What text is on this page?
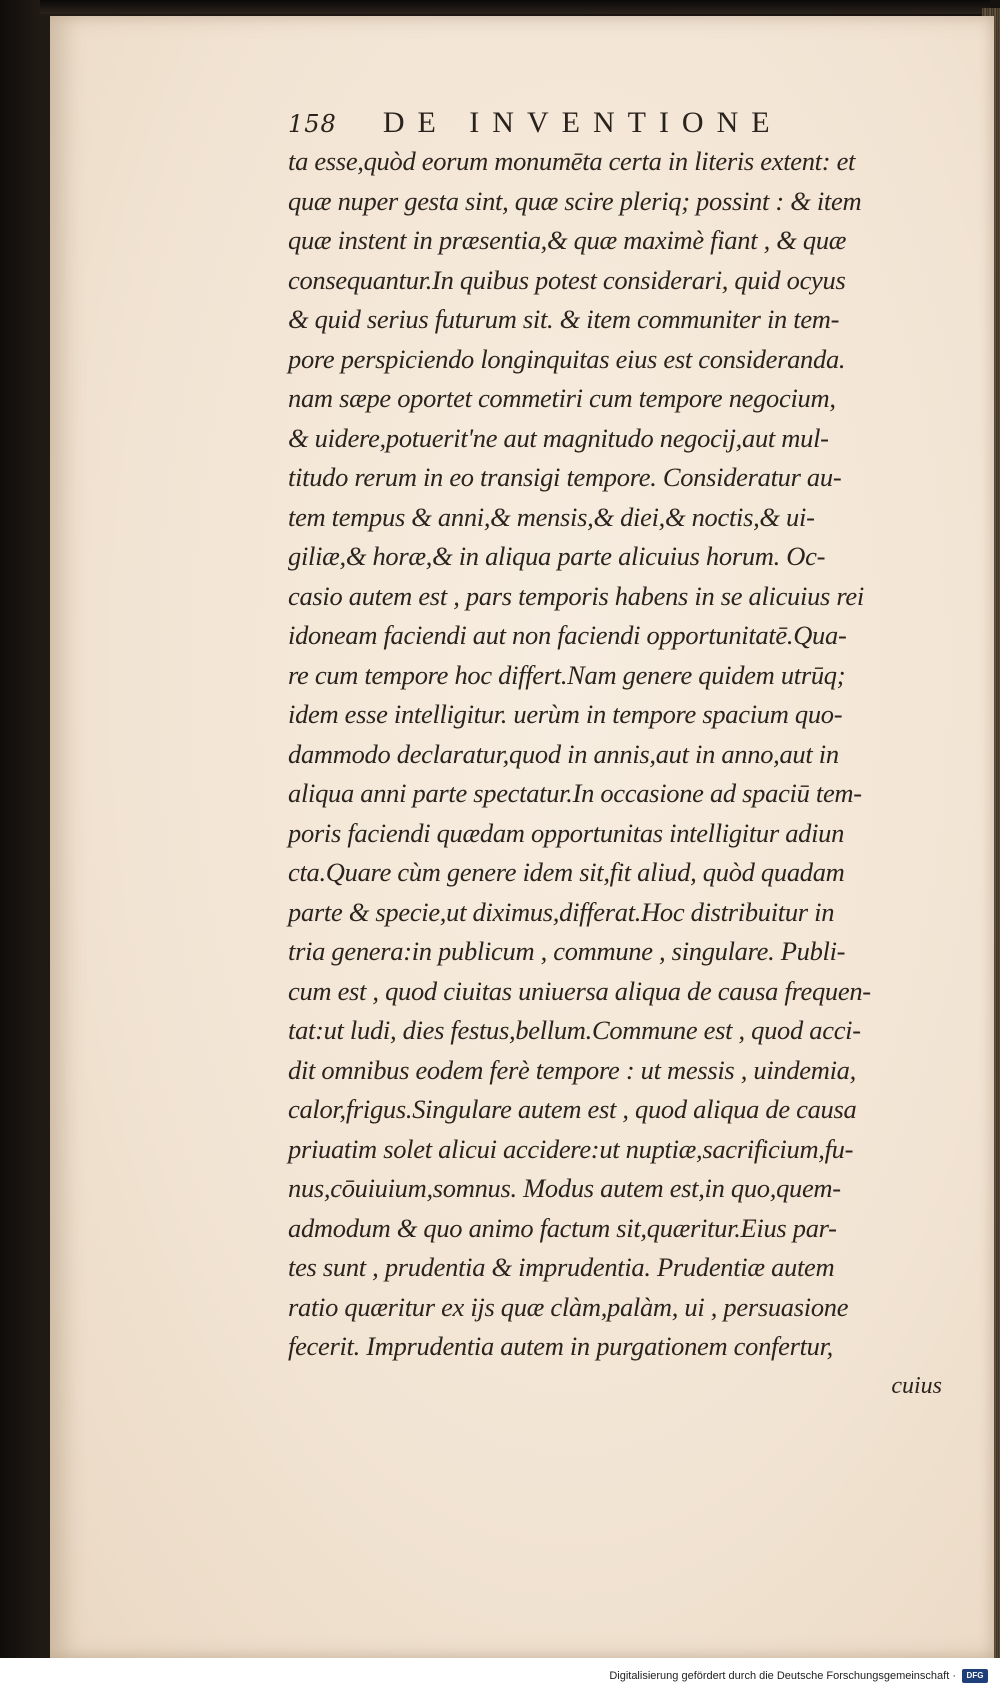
158 DE INVENTIONE
ta esse,quòd eorum monumēta certa in literis extent: et
quæ nuper gesta sint, quæ scire pleriq; possint : & item
quæ instent in præsentia,& quæ maximè fiant , & quæ
consequantur.In quibus potest considerari, quid ocyus
& quid serius futurum sit. & item communiter in tem-
pore perspiciendo longinquitas eius est consideranda.
nam sæpe oportet commetiri cum tempore negocium,
& uidere,potuerit'ne aut magnitudo negocij,aut mul-
titudo rerum in eo transigi tempore. Consideratur au-
tem tempus & anni,& mensis,& diei,& noctis,& ui-
giliæ,& horæ,& in aliqua parte alicuius horum. Oc-
casio autem est , pars temporis habens in se alicuius rei
idoneam faciendi aut non faciendi opportunitatē.Qua-
re cum tempore hoc differt.Nam genere quidem utrūq;
idem esse intelligitur. uerùm in tempore spacium quo-
dammodo declaratur,quod in annis,aut in anno,aut in
aliqua anni parte spectatur.In occasione ad spaciū tem-
poris faciendi quædam opportunitas intelligitur adiun
cta.Quare cùm genere idem sit,fit aliud, quòd quadam
parte & specie,ut diximus,differat.Hoc distribuitur in
tria genera:in publicum , commune , singulare. Publi-
cum est , quod ciuitas uniuersa aliqua de causa frequen-
tat:ut ludi, dies festus,bellum.Commune est , quod acci-
dit omnibus eodem ferè tempore : ut messis , uindemia,
calor,frigus.Singulare autem est , quod aliqua de causa
priuatim solet alicui accidere:ut nuptiæ,sacrificium,fu-
nus,cōuiuium,somnus. Modus autem est,in quo,quem-
admodum & quo animo factum sit,quæritur.Eius par-
tes sunt , prudentia & imprudentia. Prudentiæ autem
ratio quæritur ex ijs quæ clàm,palàm, ui , persuasione
fecerit. Imprudentia autem in purgationem confertur,
cuius
Digitalisierung gefördert durch die Deutsche Forschungsgemeinschaft ·	DFG
